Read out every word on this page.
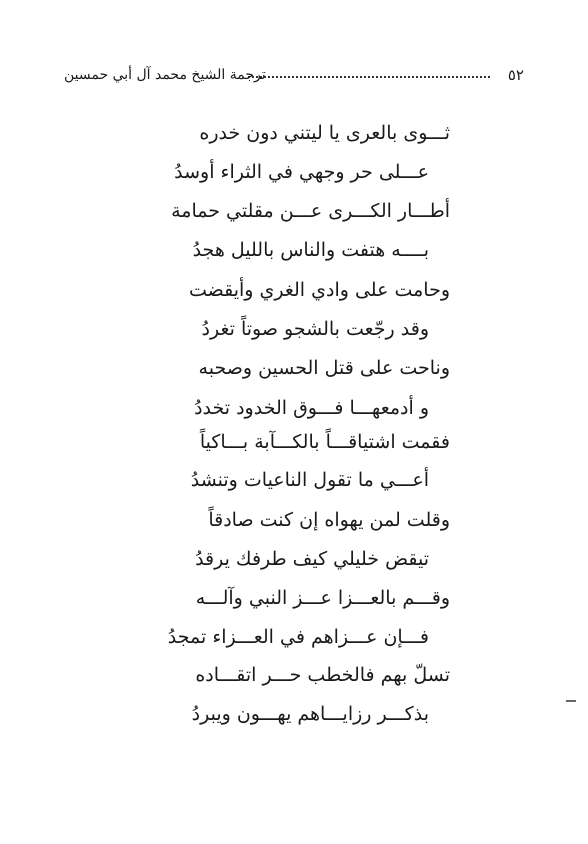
٥٢
ترجمة الشيخ محمد آل أبي حمسين
ثـــوى بالعرى يا ليتني دون خدره
عـــلى حر وجهي في الثراء أوسدُ
أطـــار الكـــرى عـــن مقلتي حمامة
بــــه هتفت والناس بالليل هجدُ
وحامت على وادي الغري وأيقضت
وقد رجّعت بالشجو صوتاً تغردُ
وناحت على قتل الحسين وصحبه
و أدمعهـــا فـــوق الخدود تخددُ
فقمت اشتياقـــاً بالكـــآبة بـــاكياً
أعـــي ما تقول الناعيات وتنشدُ
وقلت لمن يهواه إن كنت صادقاً
تيقض خليلي كيف طرفك يرقدُ
وقـــم بالعـــزا عـــز النبي وآلـــه
فـــإن عـــزاهم في العـــزاء تمجدُ
تسلّ بهم فالخطب حـــر اتقـــاده
بذكـــر رزايـــاهم يهـــون ويبردُ
